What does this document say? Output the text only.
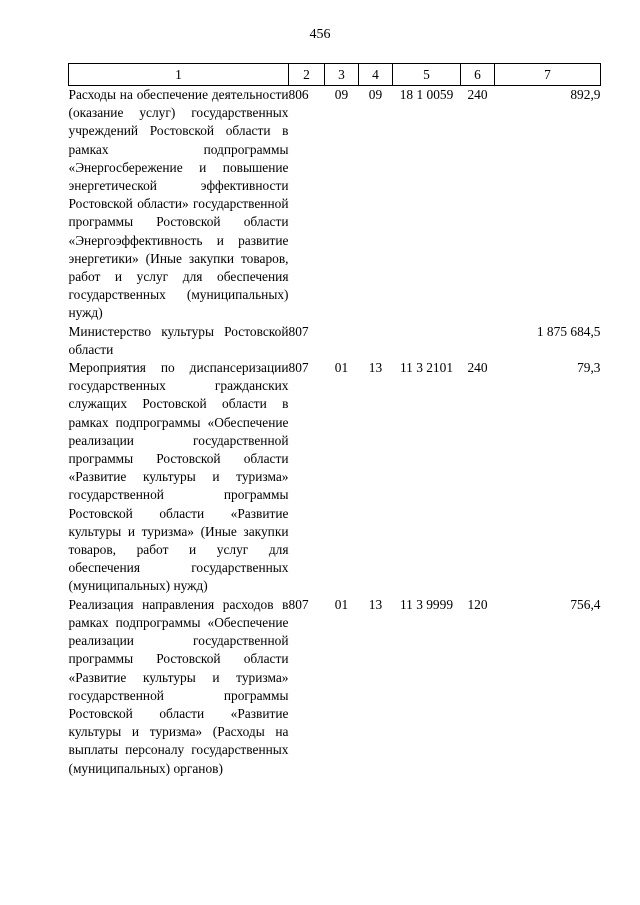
456
1	2	3	4	5	6	7
Расходы на обеспечение деятельности (оказание услуг) государственных учреждений Ростовской области в рамках подпрограммы «Энергосбережение и повышение энергетической эффективности Ростовской области» государственной программы Ростовской области «Энергоэффективность и развитие энергетики» (Иные закупки товаров, работ и услуг для обеспечения государственных (муниципальных) нужд)	806	09	09	18 1 0059	240	892,9
Министерство культуры Ростовской области	807					1 875 684,5
Мероприятия по диспансеризации государственных гражданских служащих Ростовской области в рамках подпрограммы «Обеспечение реализации государственной программы Ростовской области «Развитие культуры и туризма» государственной программы Ростовской области «Развитие культуры и туризма» (Иные закупки товаров, работ и услуг для обеспечения государственных (муниципальных) нужд)	807	01	13	11 3 2101	240	79,3
Реализация направления расходов в рамках подпрограммы «Обеспечение реализации государственной программы Ростовской области «Развитие культуры и туризма» государственной программы Ростовской области «Развитие культуры и туризма» (Расходы на выплаты персоналу государственных (муниципальных) органов)	807	01	13	11 3 9999	120	756,4
